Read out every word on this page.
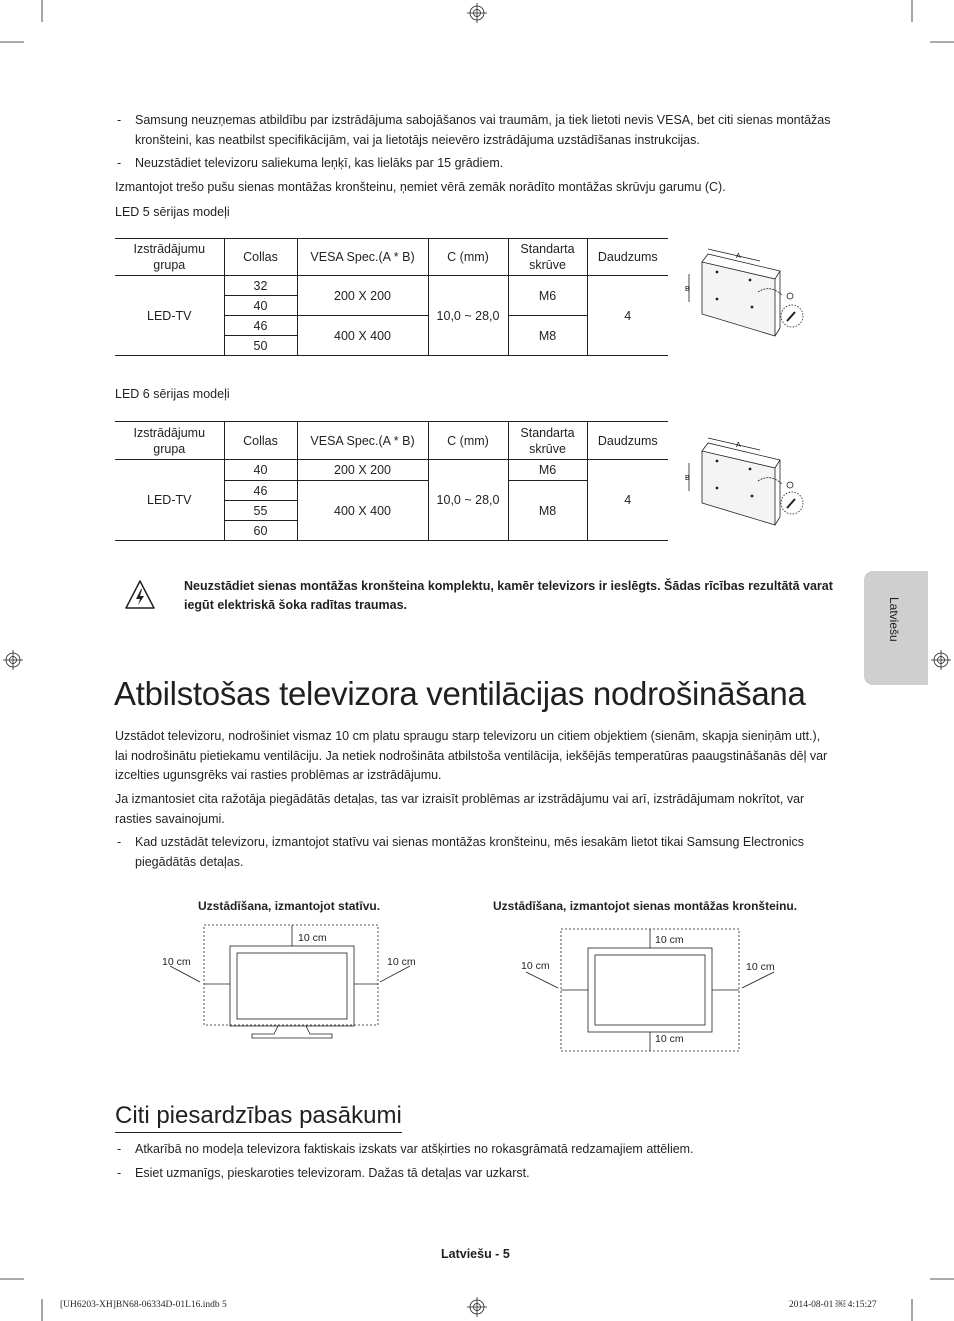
- Samsung neuzņemas atbildību par izstrādājuma sabojāšanos vai traumām, ja tiek lietoti nevis VESA, bet citi sienas montāžas kronšteini, kas neatbilst specifikācijām, vai ja lietotājs neievēro izstrādājuma uzstādīšanas instrukcijas.
- Neuzstādiet televizoru saliekuma leņķī, kas lielāks par 15 grādiem.
Izmantojot trešo pušu sienas montāžas kronšteinu, ņemiet vērā zemāk norādīto montāžas skrūvju garumu (C).
LED 5 sērijas modeļi
Izstrādājumu grupa	Collas	VESA Spec.(A * B)	C (mm)	Standarta skrūve	Daudzums
LED-TV	32	200 X 200	10,0 ~ 28,0	M6	4
	40				
	46	400 X 400		M8	
	50				
A
B
LED 6 sērijas modeļi
Izstrādājumu grupa	Collas	VESA Spec.(A * B)	C (mm)	Standarta skrūve	Daudzums
LED-TV	40	200 X 200	10,0 ~ 28,0	M6	4
	46	400 X 400		M8	
	55				
	60				
A
B
Neuzstādiet sienas montāžas kronšteina komplektu, kamēr televizors ir ieslēgts. Šādas rīcības rezultātā varat iegūt elektriskā šoka radītas traumas.	Latviešu
Atbilstošas televizora ventilācijas nodrošināšana
Uzstādot televizoru, nodrošiniet vismaz 10 cm platu spraugu starp televizoru un citiem objektiem (sienām, skapja sieniņām utt.), lai nodrošinātu pietiekamu ventilāciju. Ja netiek nodrošināta atbilstoša ventilācija, iekšējās temperatūras paaugstināšanās dēļ var izcelties ugunsgrēks vai rasties problēmas ar izstrādājumu.
Ja izmantosiet cita ražotāja piegādātās detaļas, tas var izraisīt problēmas ar izstrādājumu vai arī, izstrādājumam nokrītot, var rasties savainojumi.
- Kad uzstādāt televizoru, izmantojot statīvu vai sienas montāžas kronšteinu, mēs iesakām lietot tikai Samsung Electronics piegādātās detaļas.
Uzstādīšana, izmantojot statīvu.	Uzstādīšana, izmantojot sienas montāžas kronšteinu.
10 cm	10 cm
10 cm
10 cm	10 cm
10 cm
10 cm
Citi piesardzības pasākumi
- Atkarībā no modeļa televizora faktiskais izskats var atšķirties no rokasgrāmatā redzamajiem attēliem.
- Esiet uzmanīgs, pieskaroties televizoram. Dažas tā detaļas var uzkarst.
Latviešu - 5
[UH6203-XH]BN68-06334D-01L16.indb 5	2014-08-01 ￼ 4:15:27
